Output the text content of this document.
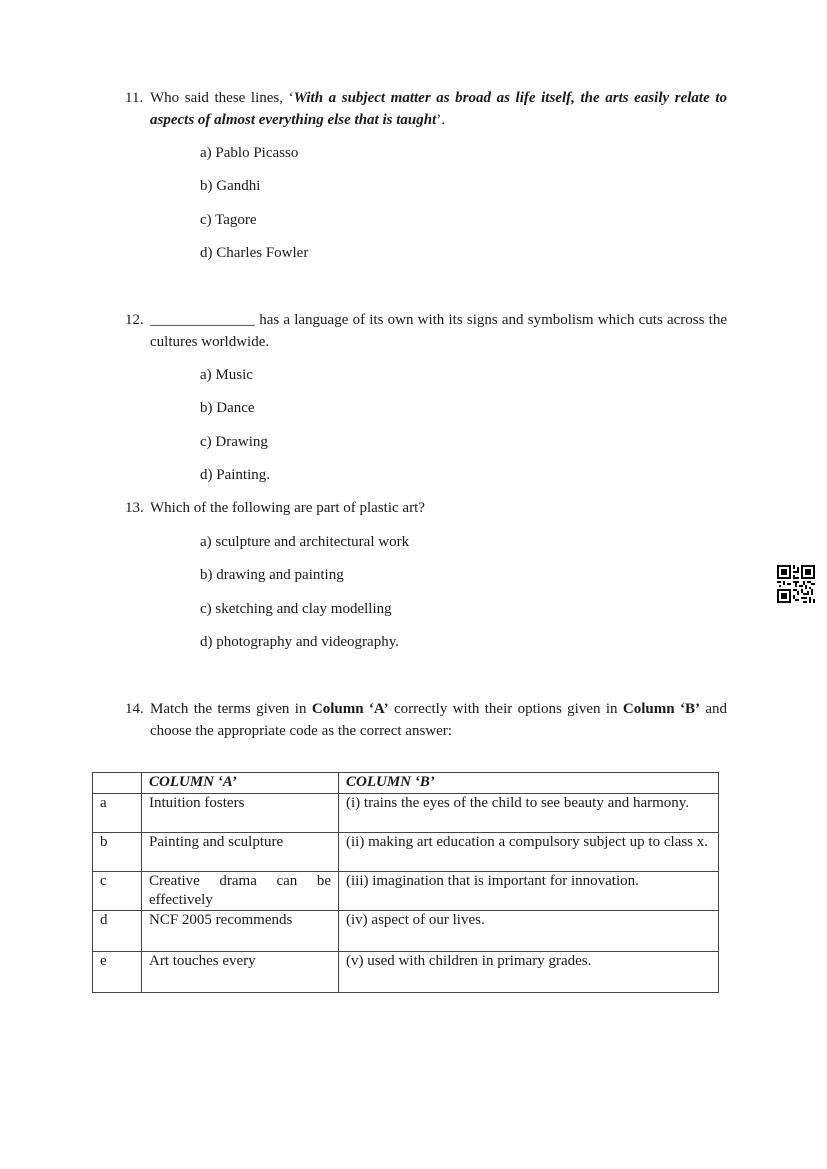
11. Who said these lines, ‘With a subject matter as broad as life itself, the arts easily relate to aspects of almost everything else that is taught’.
a) Pablo Picasso
b) Gandhi
c) Tagore
d) Charles Fowler
12. ______________ has a language of its own with its signs and symbolism which cuts across the cultures worldwide.
a) Music
b) Dance
c) Drawing
d) Painting.
13. Which of the following are part of plastic art?
a) sculpture and architectural work
b) drawing and painting
c) sketching and clay modelling
d) photography and videography.
14. Match the terms given in Column ‘A’ correctly with their options given in Column ‘B’ and choose the appropriate code as the correct answer:
	COLUMN ‘A’	COLUMN ‘B’
a	Intuition fosters	(i) trains the eyes of the child to see beauty and harmony.
b	Painting and sculpture	(ii) making art education a compulsory subject up to class x.
c	Creative drama can be effectively	(iii) imagination that is important for innovation.
d	NCF 2005 recommends	(iv) aspect of our lives.
e	Art touches every	(v) used with children in primary grades.
